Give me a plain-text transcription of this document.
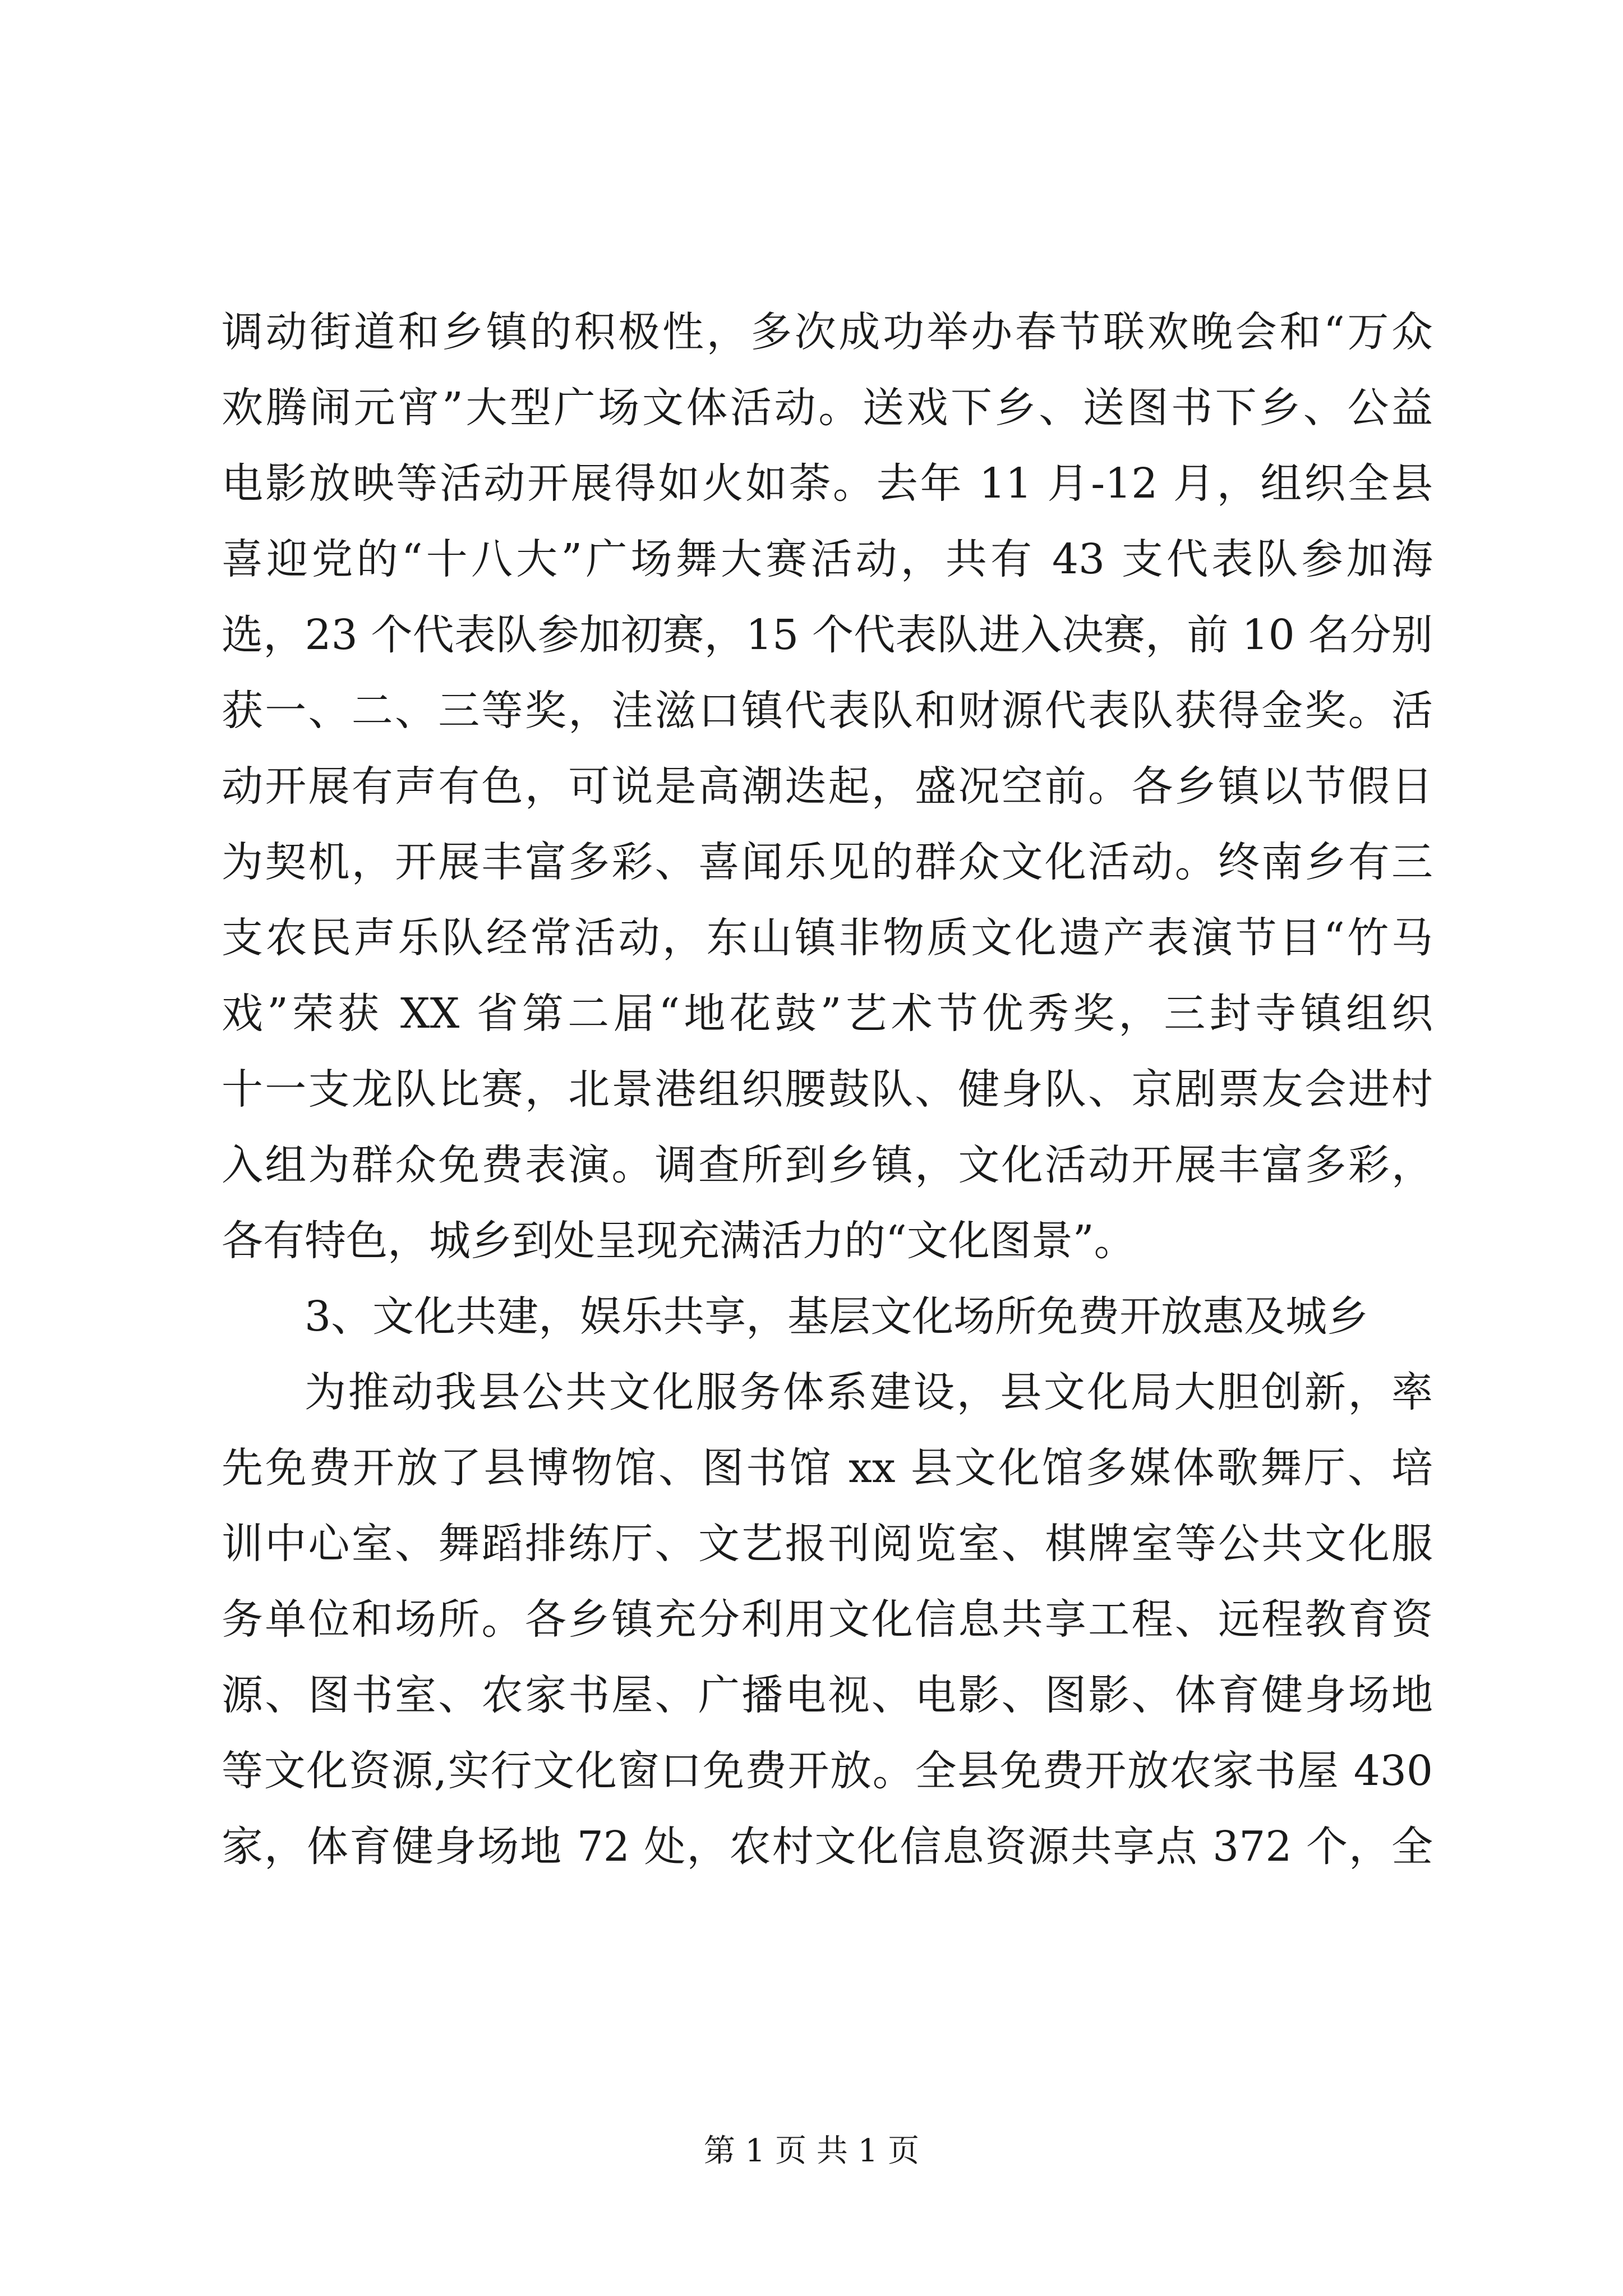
调动街道和乡镇的积极性，多次成功举办春节联欢晚会和“万众
欢腾闹元宵”大型广场文体活动。送戏下乡、送图书下乡、公益
电影放映等活动开展得如火如荼。去年 11 月-12 月，组织全县
喜迎党的“十八大”广场舞大赛活动，共有 43 支代表队参加海
选，23 个代表队参加初赛，15 个代表队进入决赛，前 10 名分别
获一、二、三等奖，洼滋口镇代表队和财源代表队获得金奖。活
动开展有声有色，可说是高潮迭起，盛况空前。各乡镇以节假日
为契机，开展丰富多彩、喜闻乐见的群众文化活动。终南乡有三
支农民声乐队经常活动，东山镇非物质文化遗产表演节目“竹马
戏”荣获 XX 省第二届“地花鼓”艺术节优秀奖，三封寺镇组织
十一支龙队比赛，北景港组织腰鼓队、健身队、京剧票友会进村
入组为群众免费表演。调查所到乡镇，文化活动开展丰富多彩，
各有特色，城乡到处呈现充满活力的“文化图景”。
3、文化共建，娱乐共享，基层文化场所免费开放惠及城乡
为推动我县公共文化服务体系建设，县文化局大胆创新，率
先免费开放了县博物馆、图书馆 xx 县文化馆多媒体歌舞厅、培
训中心室、舞蹈排练厅、文艺报刊阅览室、棋牌室等公共文化服
务单位和场所。各乡镇充分利用文化信息共享工程、远程教育资
源、图书室、农家书屋、广播电视、电影、图影、体育健身场地
等文化资源,实行文化窗口免费开放。全县免费开放农家书屋 430
家，体育健身场地 72 处，农村文化信息资源共享点 372 个，全
第 1 页 共 1 页
